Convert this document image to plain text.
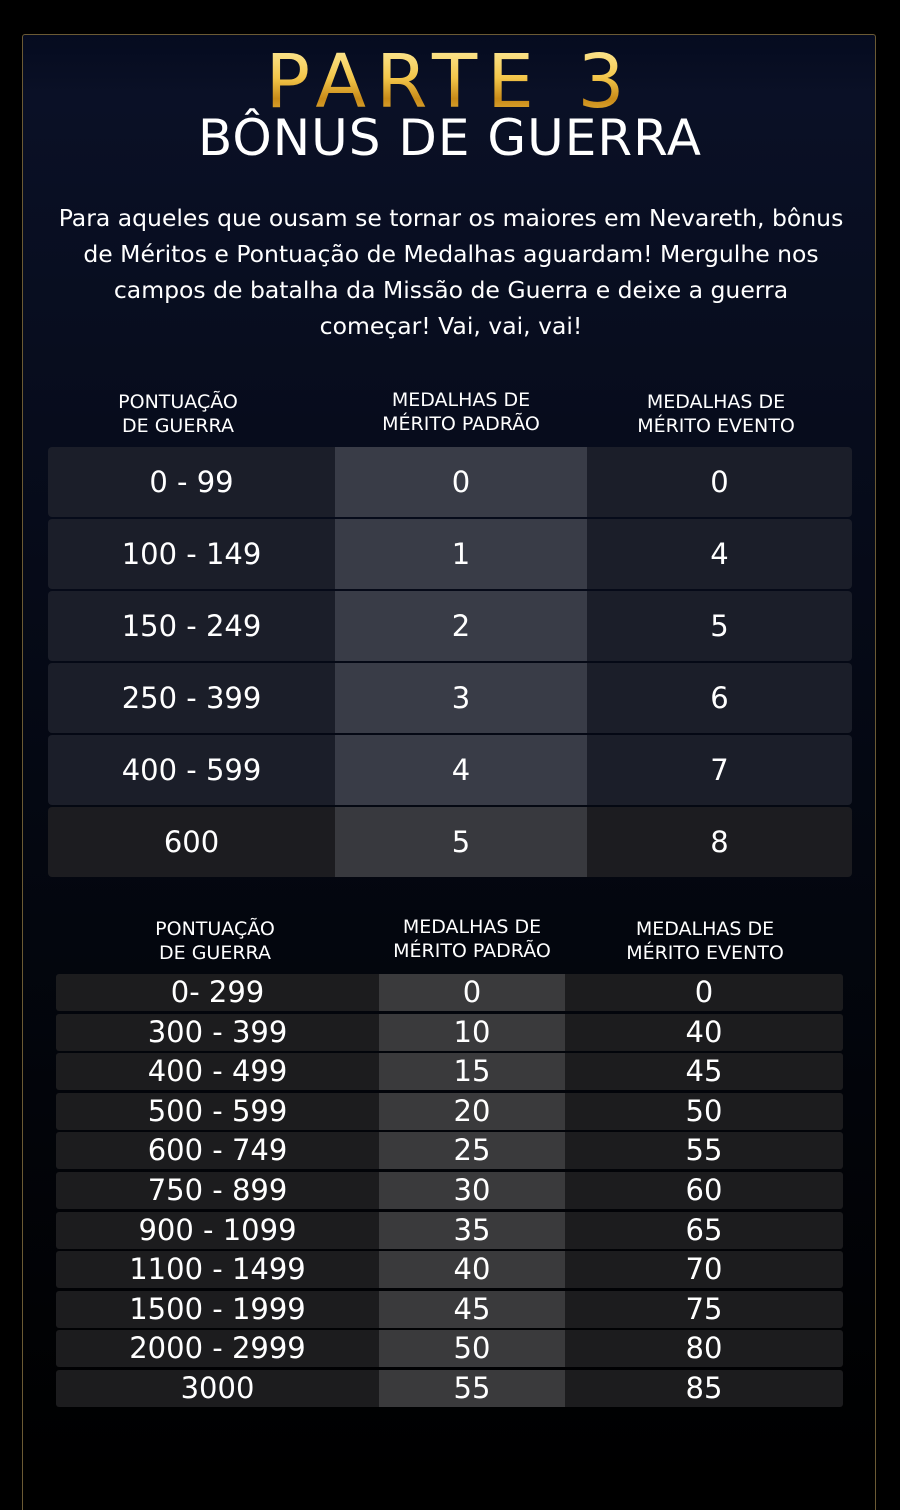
PARTE 3
BÔNUS DE GUERRA
Para aqueles que ousam se tornar os maiores em Nevareth, bônus de Méritos e Pontuação de Medalhas aguardam! Mergulhe nos campos de batalha da Missão de Guerra e deixe a guerra começar! Vai, vai, vai!
PONTUAÇÃO
DE GUERRA
MEDALHAS DE
MÉRITO PADRÃO
MEDALHAS DE
MÉRITO EVENTO
0 - 99	0	0
100 - 149	1	4
150 - 249	2	5
250 - 399	3	6
400 - 599	4	7
600	5	8
PONTUAÇÃO
DE GUERRA
MEDALHAS DE
MÉRITO PADRÃO
MEDALHAS DE
MÉRITO EVENTO
0- 299	0	0
300 - 399	10	40
400 - 499	15	45
500 - 599	20	50
600 - 749	25	55
750 - 899	30	60
900 - 1099	35	65
1100 - 1499	40	70
1500 - 1999	45	75
2000 - 2999	50	80
3000	55	85
